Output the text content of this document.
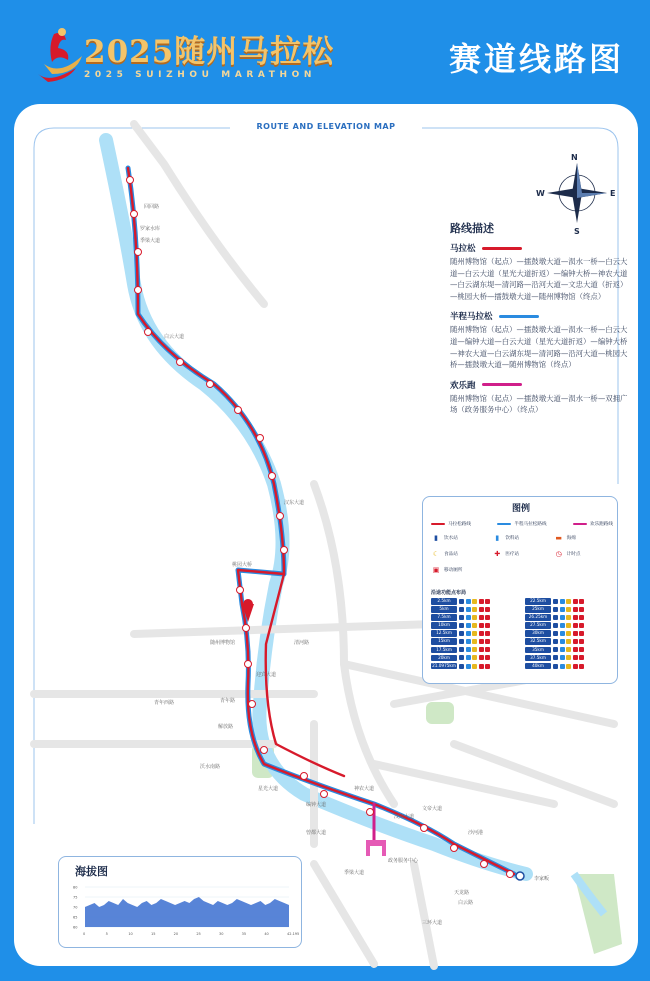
2025随州马拉松
2025 SUIZHOU MARATHON	赛道线路图
回回路
罗家水库
季梁大道
白云大道
汉东大道
桃园大桥
随州博物馆
青年西路	青年路
清河路
解放路
沃水南路
迎宾大道
星光大道
编钟大道
神农大道
汉南大道
曾都大道
文帝大道
沙河港
天龙路
白云路
李家畈
季梁大道
三环大道
政务服务中心
ROUTE AND ELEVATION MAP
N
E
S
W
路线描述
马拉松
随州博物馆（起点）—擂鼓墩大道—涢水一桥—白云大道—白云大道（星光大道折返）—编钟大桥—神农大道—白云湖东堤—清河路—沿河大道—文忠大道（折返）—桃园大桥—擂鼓墩大道—随州博物馆（终点）
半程马拉松
随州博物馆（起点）—擂鼓墩大道—涢水一桥—白云大道—编钟大道—白云大道（星光大道折返）—编钟大桥—神农大道—白云湖东堤—清河路—沿河大道—桃园大桥—擂鼓墩大道—随州博物馆（终点）
欢乐跑
随州博物馆（起点）—擂鼓墩大道—涢水一桥—双拥广场（政务服务中心）（终点）
图例
马拉松路线	半程马拉松路线	欢乐跑路线
▮	饮水站	▮	饮料站	▬	海绵
☾	食品站	✚	医疗站	◷	计时点
▣	移动厕所
沿途功能点布局
2.5km	22.5km
5km	25km
7.5km	26.25km
10km	27.5km
12.5km	30km
15km	32.5km
17.5km	35km
20km	37.5km
21.0975km	40km
海拔图
80
75
70
65
60
0	5	10	15	20	25	30	35	40	42.195
